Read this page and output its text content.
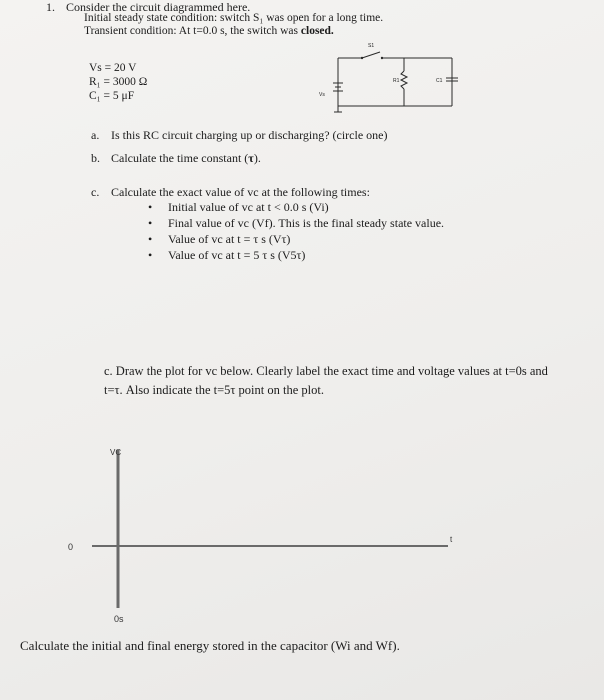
1. Consider the circuit diagrammed here.
Initial steady state condition: switch S₁ was open for a long time.
Transient condition: At t=0.0 s, the switch was closed.
Vs = 20 V
R₁ = 3000 Ω
C₁ = 5 μF
S1
R1	C1
Vs
a. Is this RC circuit charging up or discharging? (circle one)
b. Calculate the time constant (τ).
c. Calculate the exact value of vc at the following times:
• Initial value of vc at t < 0.0 s (Vi)
• Final value of vc (Vf). This is the final steady state value.
• Value of vc at t = τ s (Vτ)
• Value of vc at t = 5 τ s (V5τ)
c. Draw the plot for vc below. Clearly label the exact time and voltage values at t=0s and
t=τ. Also indicate the t=5τ point on the plot.
VC
t
0
0s
Calculate the initial and final energy stored in the capacitor (Wi and Wf).
